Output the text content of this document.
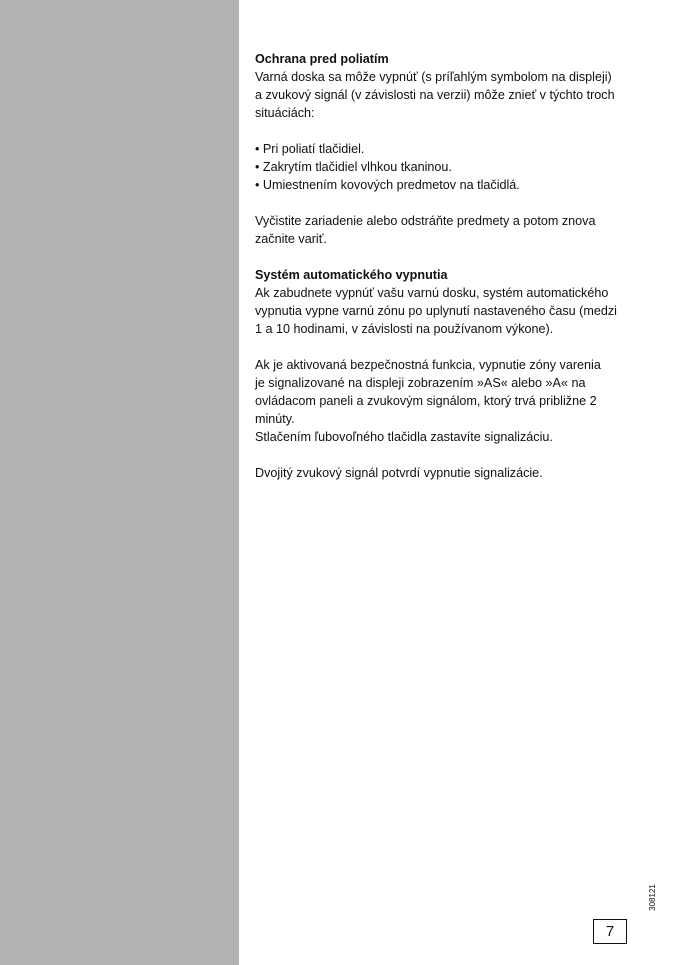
Ochrana pred poliatím

Varná doska sa môže vypnúť (s príľahlým symbolom na displeji)

a zvukový signál (v závislosti na verzii) môže zniеť v týchto troch

situáciách:

• Pri poliatí tlačidiel.

• Zakrytím tlačidiel vlhkou tkaninou.

• Umiestnením kovových predmetov na tlačidlá.

Vyčistite zariadenie alebo odstráňte predmety a potom znova

začnite variť.

Systém automatického vypnutia

Ak zabudnete vypnúť vašu varnú dosku, systém automatického

vypnutia vypne varnú zónu po uplynutí nastaveného času (medzi

1 a 10 hodinami, v závislosti na používanom výkone).

Ak je aktivovaná bezpečnostná funkcia, vypnutie zóny varenia

je signalizované na displeji zobrazením »AS« alebo »A« na

ovládacom paneli a zvukovým signálom, ktorý trvá približne 2

minúty.

Stlačením ľubovoľného tlačidla zastavíte signalizáciu.

Dvojitý zvukový signál potvrdí vypnutie signalizácie.

308121
7
